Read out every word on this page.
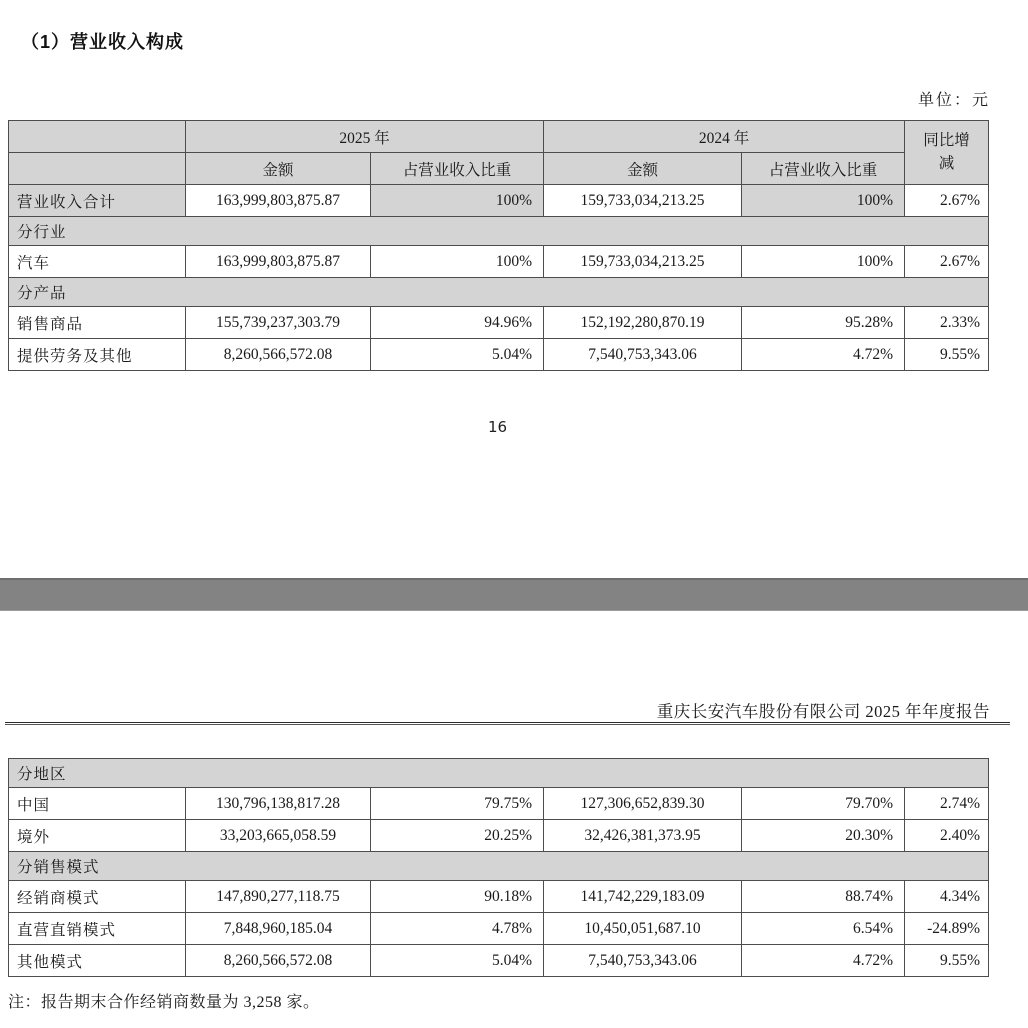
（1）营业收入构成
单位：元
	2025 年		2024 年		同比增减
	金额	占营业收入比重	金额	占营业收入比重	
营业收入合计	163,999,803,875.87	100%	159,733,034,213.25	100%	2.67%
分行业					
汽车	163,999,803,875.87	100%	159,733,034,213.25	100%	2.67%
分产品					
销售商品	155,739,237,303.79	94.96%	152,192,280,870.19	95.28%	2.33%
提供劳务及其他	8,260,566,572.08	5.04%	7,540,753,343.06	4.72%	9.55%
16
重庆长安汽车股份有限公司 2025 年年度报告
分地区					
中国	130,796,138,817.28	79.75%	127,306,652,839.30	79.70%	2.74%
境外	33,203,665,058.59	20.25%	32,426,381,373.95	20.30%	2.40%
分销售模式					
经销商模式	147,890,277,118.75	90.18%	141,742,229,183.09	88.74%	4.34%
直营直销模式	7,848,960,185.04	4.78%	10,450,051,687.10	6.54%	-24.89%
其他模式	8,260,566,572.08	5.04%	7,540,753,343.06	4.72%	9.55%
注：报告期末合作经销商数量为 3,258 家。
